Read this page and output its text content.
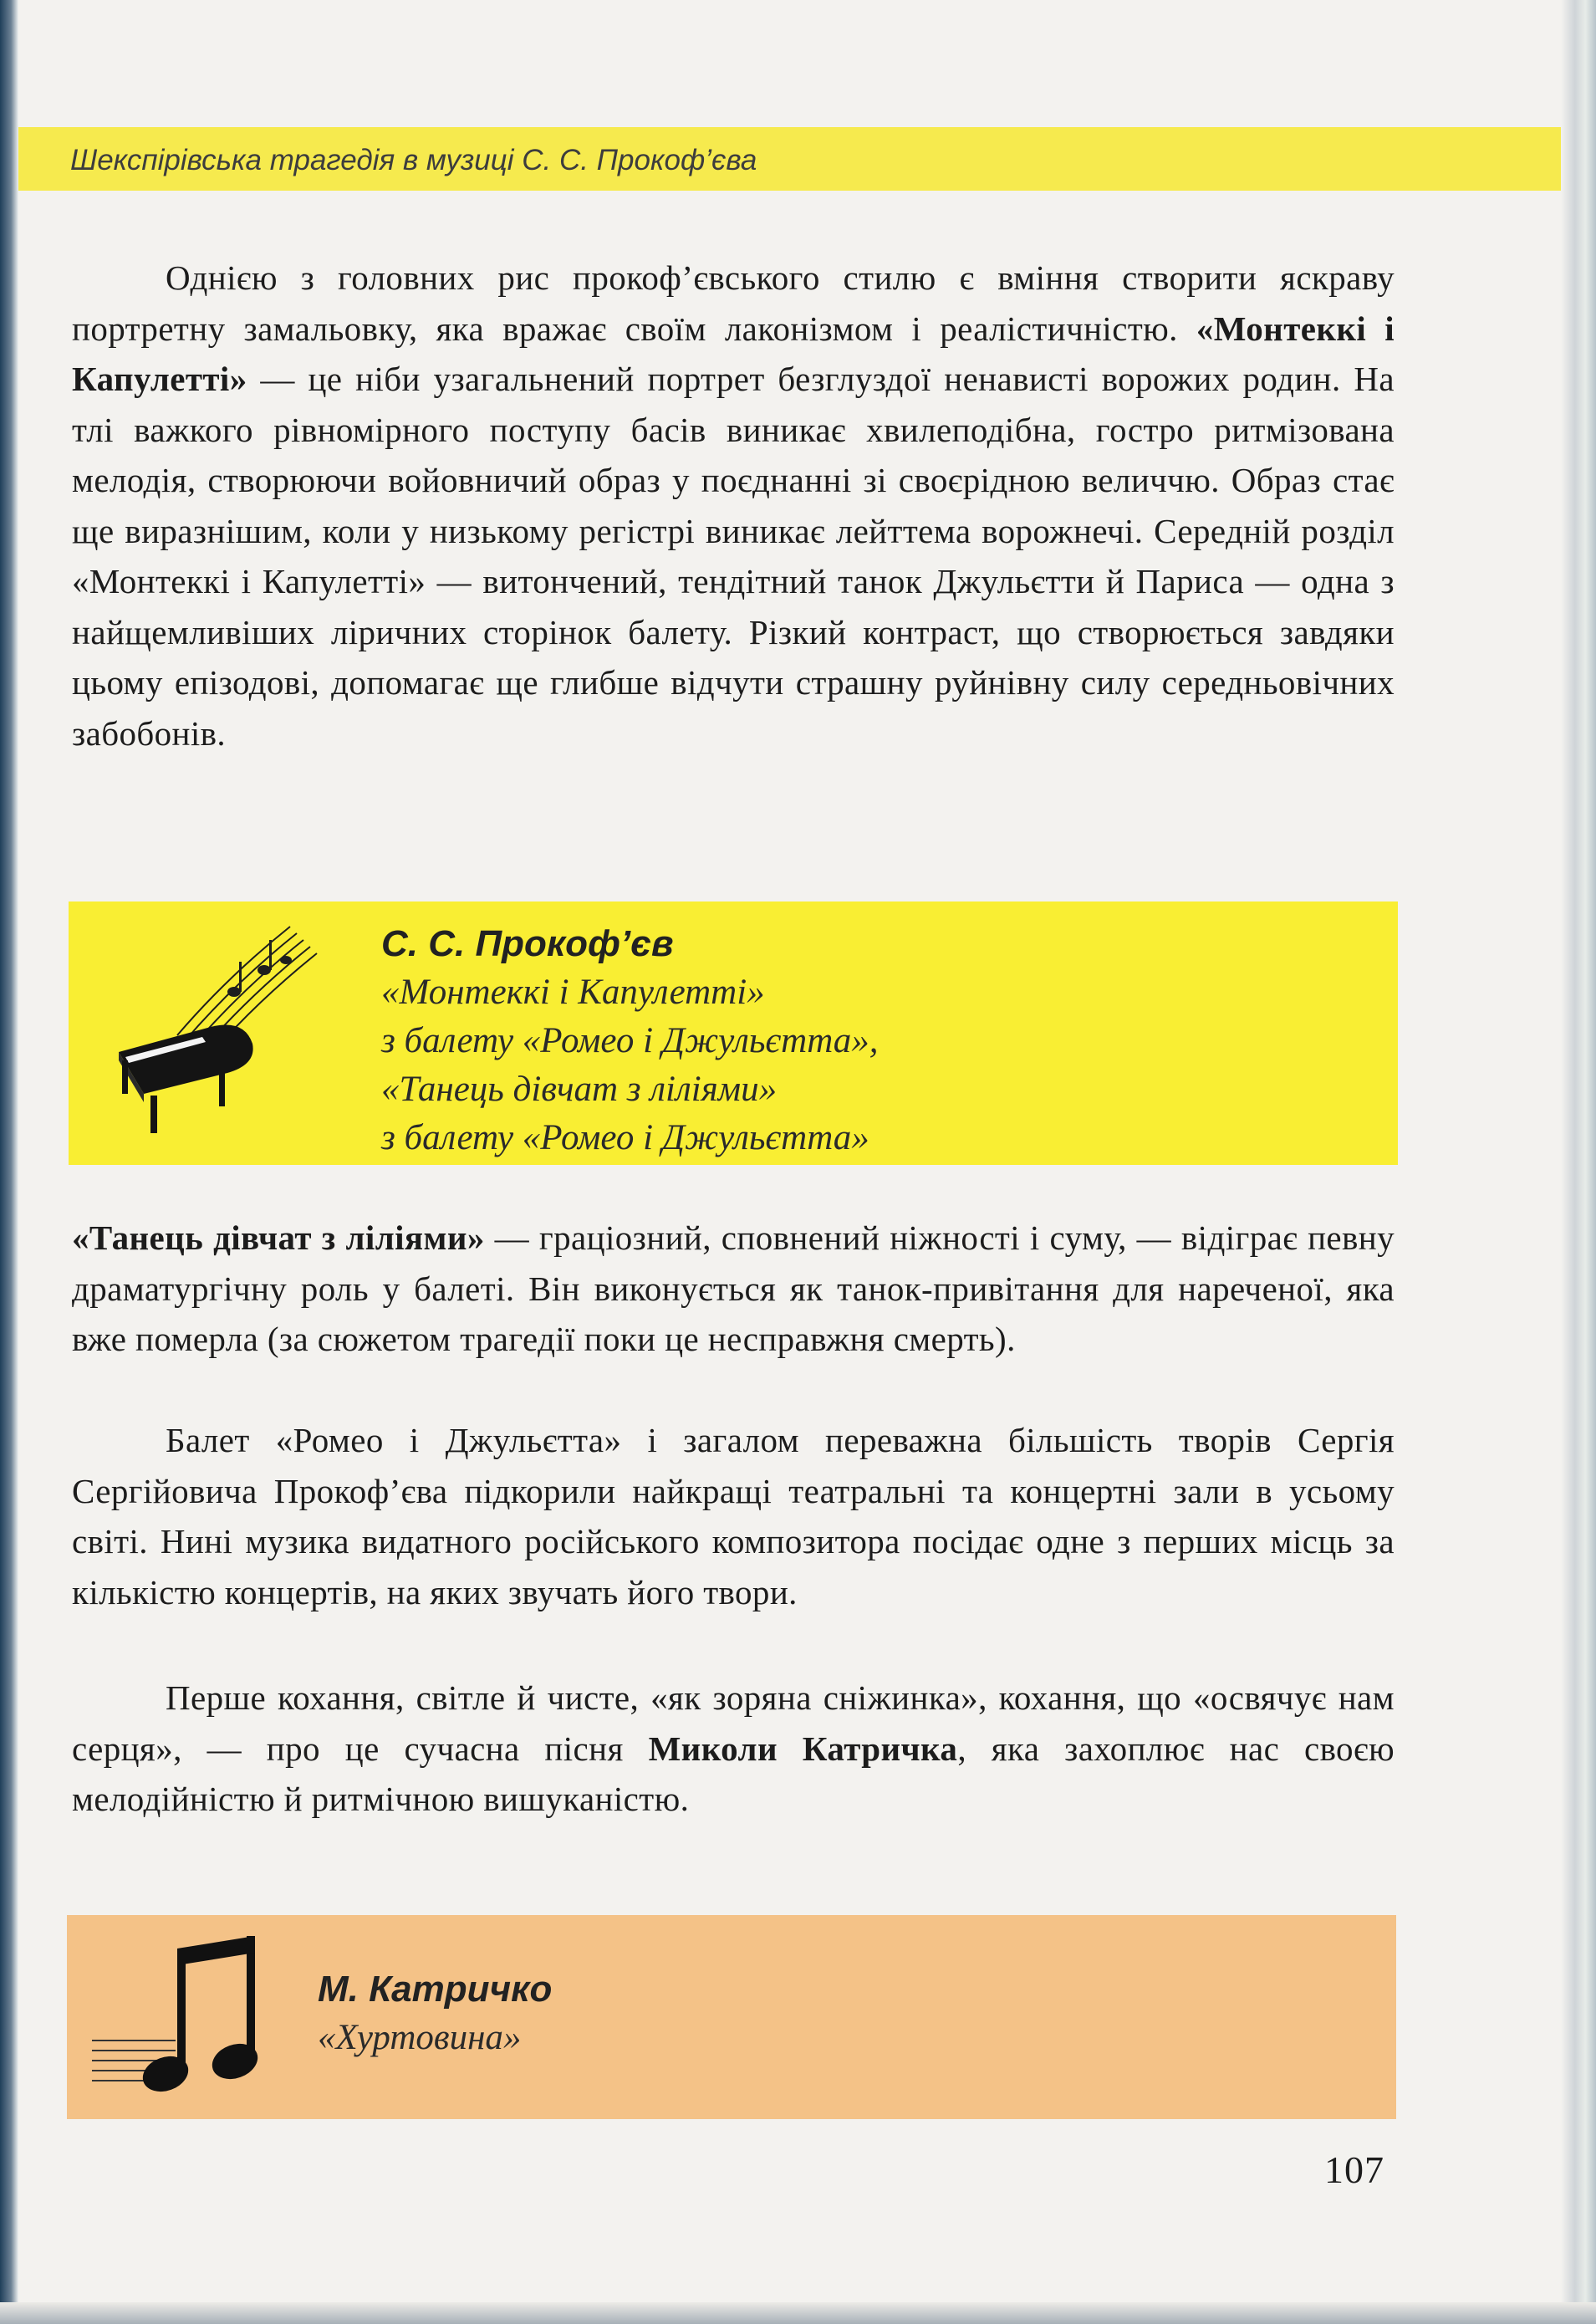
Шекспірівська трагедія в музиці С. С. Прокоф’єва

Однією з головних рис прокоф’євського стилю є вміння створити яскраву портретну замальовку, яка вражає своїм лаконізмом і реалістичністю. «Монтеккі і Капулетті» — це ніби узагальнений портрет безглуздої ненависті ворожих родин. На тлі важкого рівномірного поступу басів виникає хвилеподібна, гостро ритмізована мелодія, створюючи войовничий образ у поєднанні зі своєрідною величчю. Образ стає ще виразнішим, коли у низькому регістрі виникає лейттема ворожнечі. Середній розділ «Монтеккі і Капулетті» — витончений, тендітний танок Джульєтти й Париса — одна з найщемливіших ліричних сторінок балету. Різкий контраст, що створюється завдяки цьому епізодові, допомагає ще глибше відчути страшну руйнівну силу середньовічних забобонів.

С. С. Прокоф’єв
«Монтеккі і Капулетті»
з балету «Ромео і Джульєтта»,
«Танець дівчат з ліліями»
з балету «Ромео і Джульєтта»

«Танець дівчат з ліліями» — граціозний, сповнений ніжності і суму, — відіграє певну драматургічну роль у балеті. Він виконується як танок-привітання для нареченої, яка вже померла (за сюжетом трагедії поки це несправжня смерть).

Балет «Ромео і Джульєтта» і загалом переважна більшість творів Сергія Сергійовича Прокоф’єва підкорили найкращі театральні та концертні зали в усьому світі. Нині музика видатного російського композитора посідає одне з перших місць за кількістю концертів, на яких звучать його твори.

Перше кохання, світле й чисте, «як зоряна сніжинка», кохання, що «освячує нам серця», — про це сучасна пісня Миколи Катричка, яка захоплює нас своєю мелодійністю й ритмічною вишуканістю.

М. Катричко
«Хуртовина»
107
